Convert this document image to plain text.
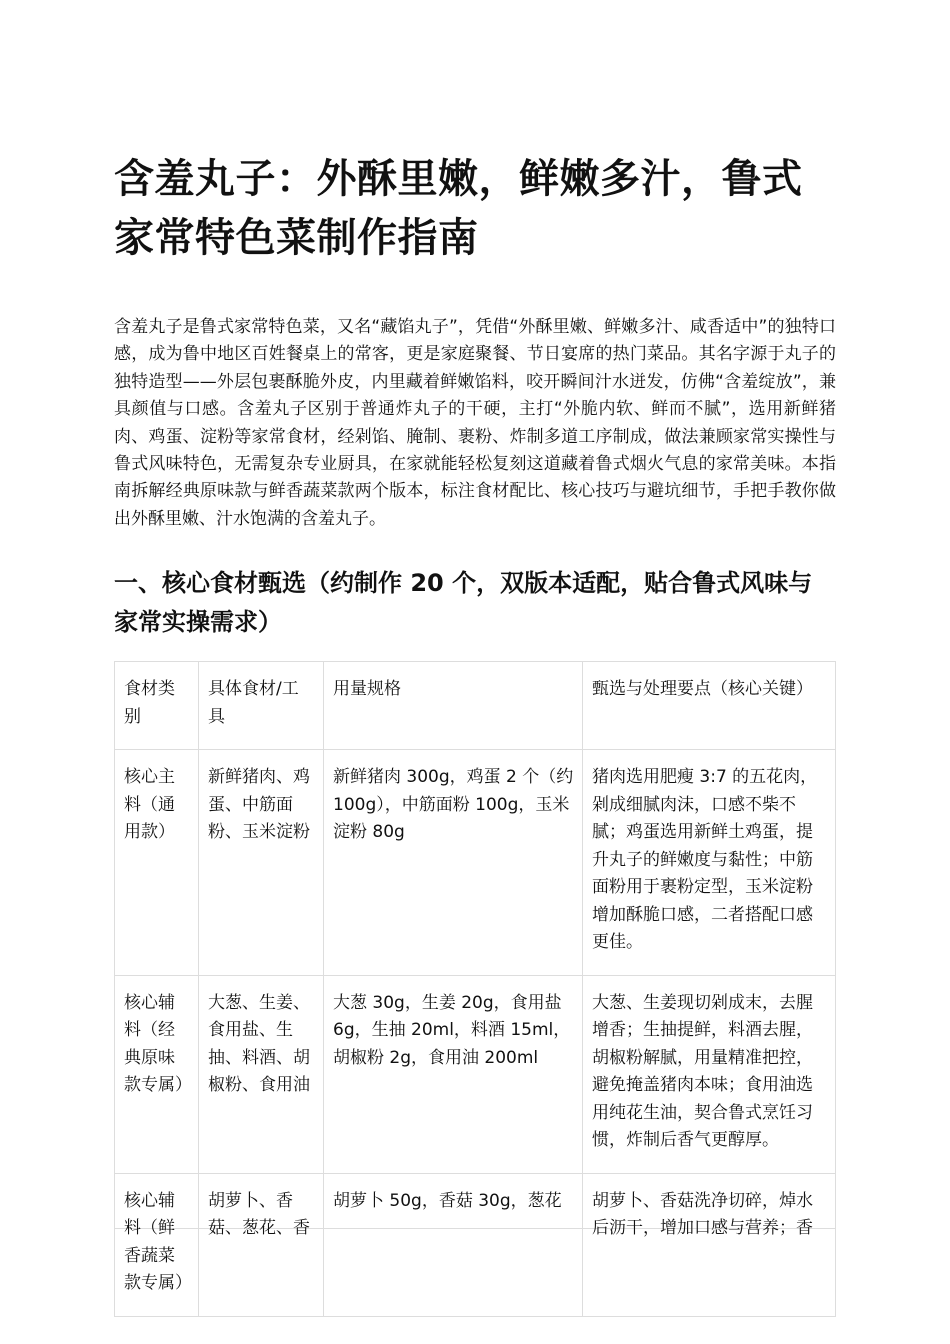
含羞丸子：外酥里嫩，鲜嫩多汁，鲁式家常特色菜制作指南

含羞丸子是鲁式家常特色菜，又名“藏馅丸子”，凭借“外酥里嫩、鲜嫩多汁、咸香适中”的独特口感，成为鲁中地区百姓餐桌上的常客，更是家庭聚餐、节日宴席的热门菜品。其名字源于丸子的独特造型——外层包裹酥脆外皮，内里藏着鲜嫩馅料，咬开瞬间汁水迸发，仿佛“含羞绽放”，兼具颜值与口感。含羞丸子区别于普通炸丸子的干硬，主打“外脆内软、鲜而不腻”，选用新鲜猪肉、鸡蛋、淀粉等家常食材，经剁馅、腌制、裹粉、炸制多道工序制成，做法兼顾家常实操性与鲁式风味特色，无需复杂专业厨具，在家就能轻松复刻这道藏着鲁式烟火气息的家常美味。本指南拆解经典原味款与鲜香蔬菜款两个版本，标注食材配比、核心技巧与避坑细节，手把手教你做出外酥里嫩、汁水饱满的含羞丸子。

一、核心食材甄选（约制作 20 个，双版本适配，贴合鲁式风味与家常实操需求）
食材类别	具体食材/工具	用量规格	甄选与处理要点（核心关键）
核心主料（通用款）	新鲜猪肉、鸡蛋、中筋面粉、玉米淀粉	新鲜猪肉 300g，鸡蛋 2 个（约 100g），中筋面粉 100g，玉米淀粉 80g	猪肉选用肥瘦 3:7 的五花肉，剁成细腻肉沫，口感不柴不腻；鸡蛋选用新鲜土鸡蛋，提升丸子的鲜嫩度与黏性；中筋面粉用于裹粉定型，玉米淀粉增加酥脆口感，二者搭配口感更佳。
核心辅料（经典原味款专属）	大葱、生姜、食用盐、生抽、料酒、胡椒粉、食用油	大葱 30g，生姜 20g，食用盐 6g，生抽 20ml，料酒 15ml，胡椒粉 2g，食用油 200ml	大葱、生姜现切剁成末，去腥增香；生抽提鲜，料酒去腥，胡椒粉解腻，用量精准把控，避免掩盖猪肉本味；食用油选用纯花生油，契合鲁式烹饪习惯，炸制后香气更醇厚。
核心辅料（鲜香蔬菜款专属）	胡萝卜、香菇、葱花、香	胡萝卜 50g，香菇 30g，葱花	胡萝卜、香菇洗净切碎，焯水后沥干，增加口感与营养；香
